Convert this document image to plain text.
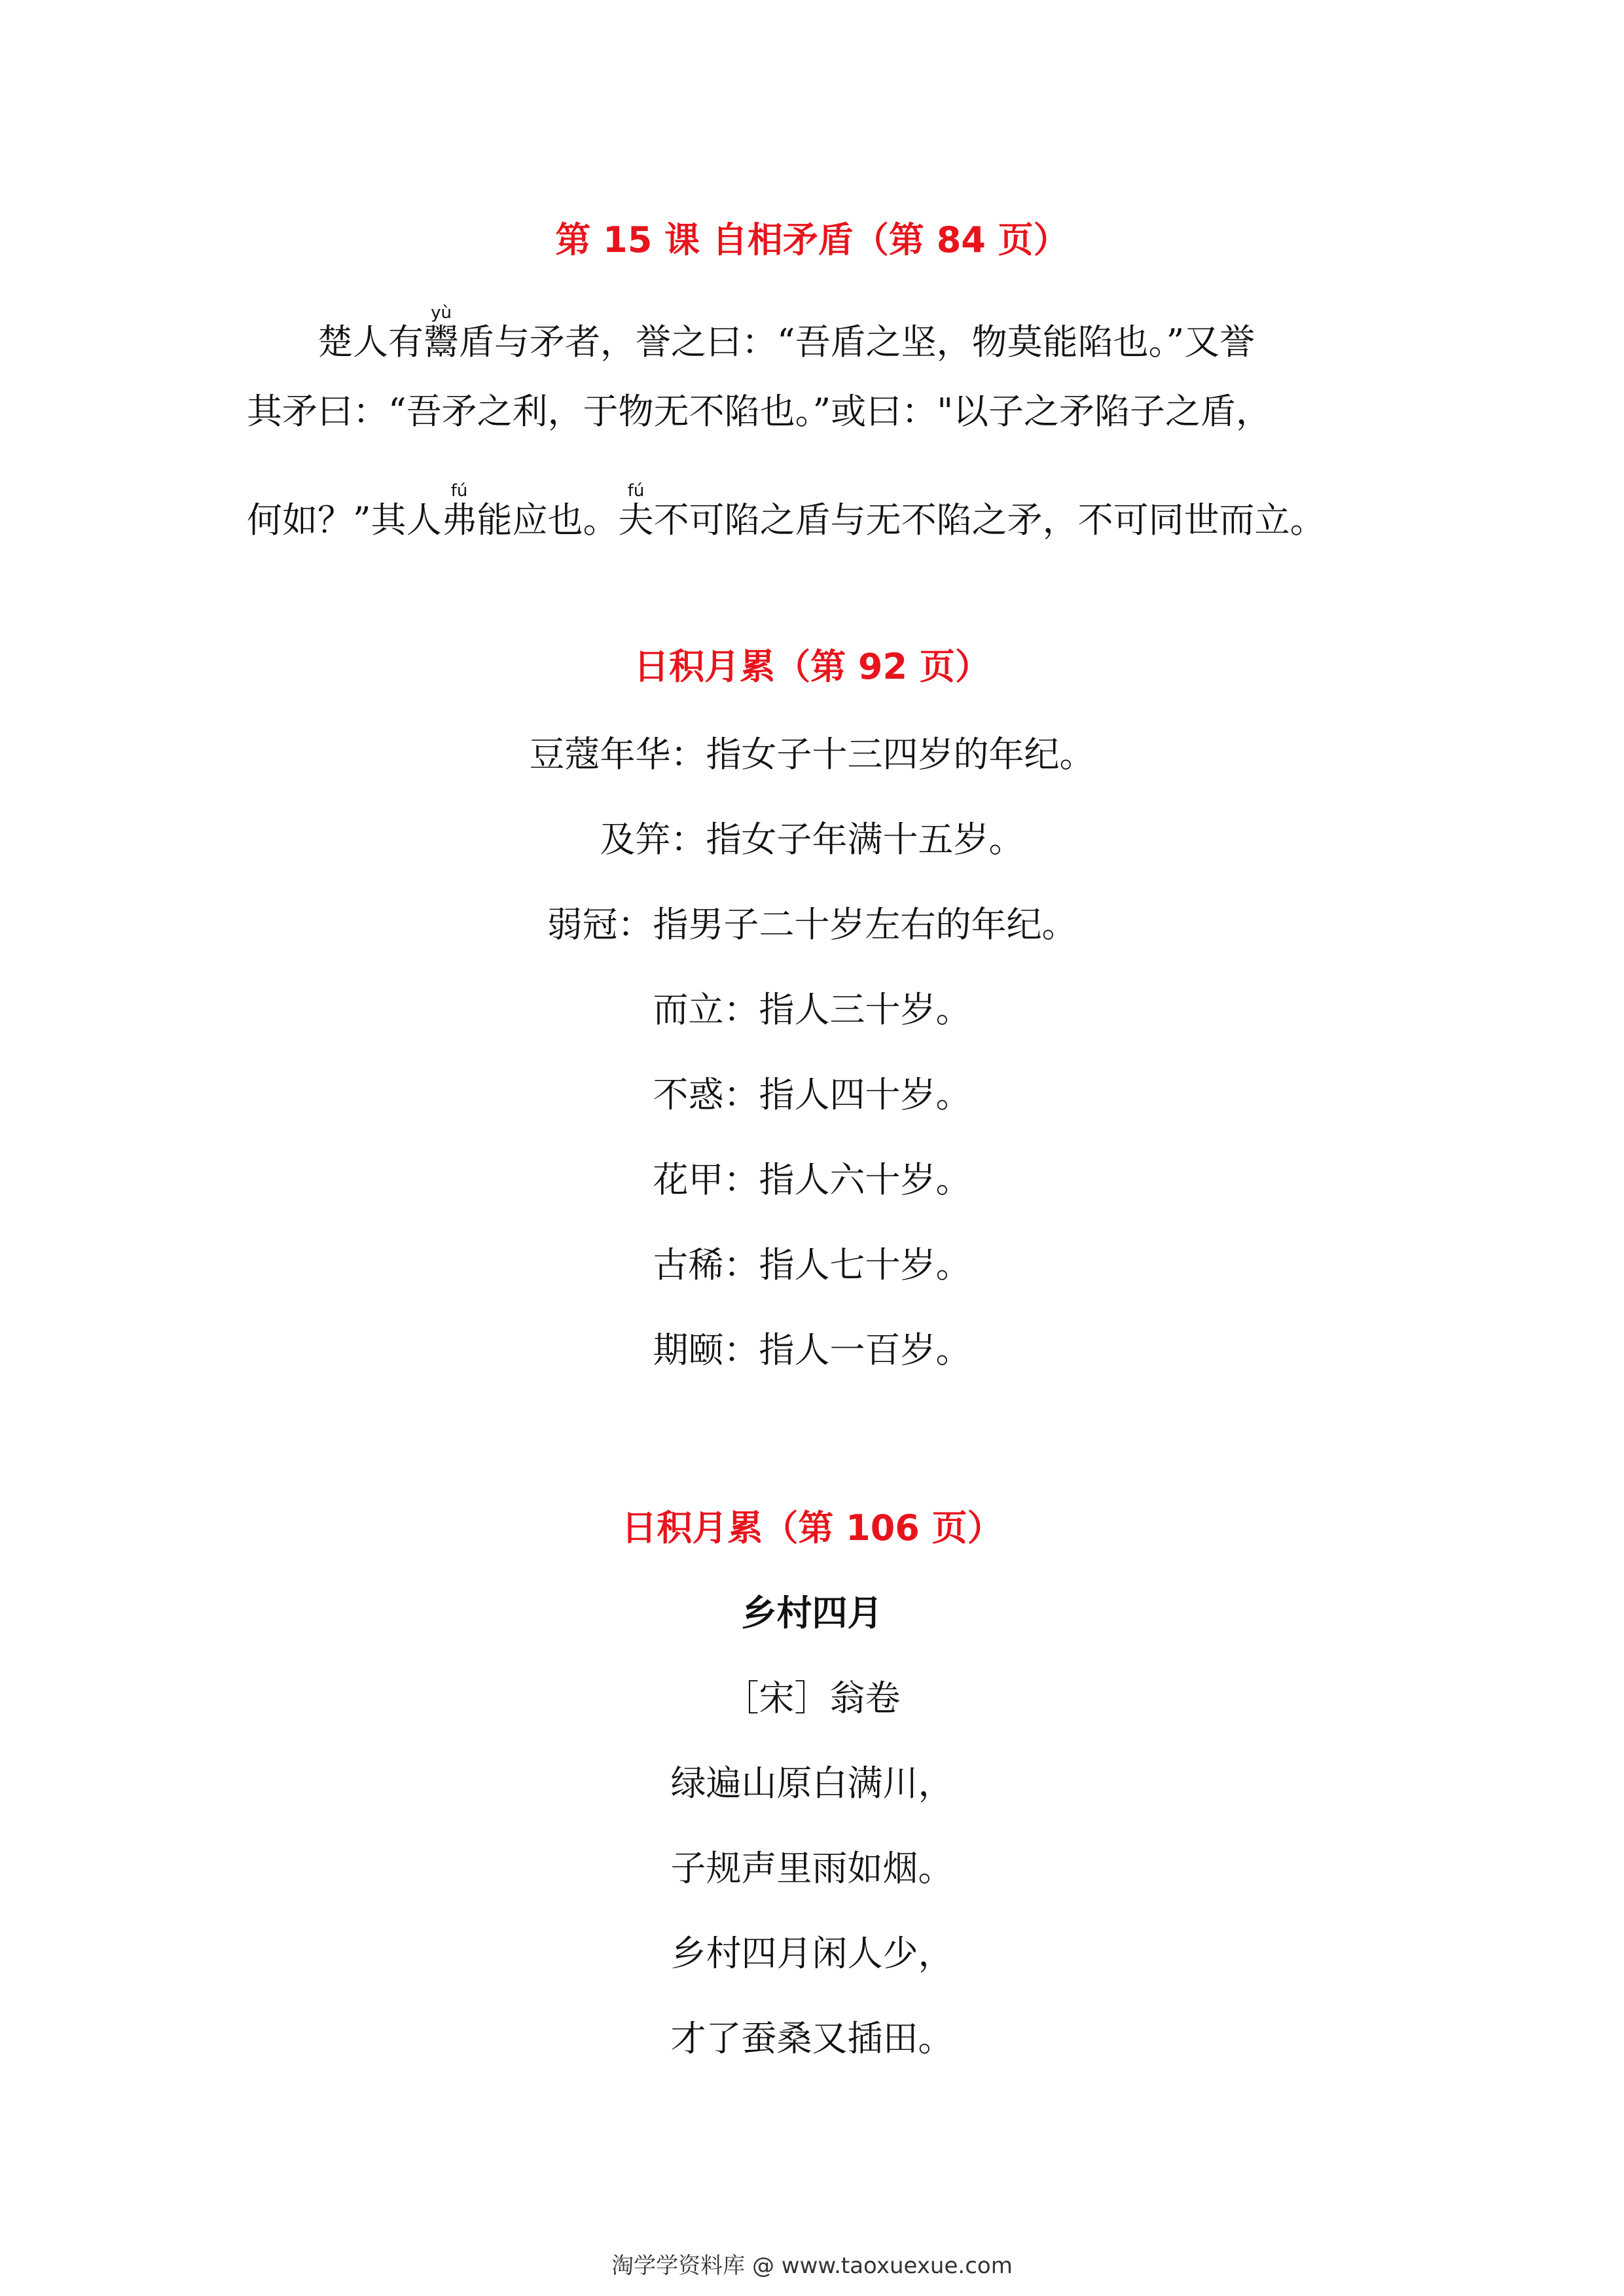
第 15 课 自相矛盾（第 84 页）
楚人有鬻yù盾与矛者，誉之曰：“吾盾之坚，物莫能陷也。”又誉
其矛曰：“吾矛之利，于物无不陷也。”或曰："以子之矛陷子之盾，
何如？”其人弗fú能应也。夫fú不可陷之盾与无不陷之矛，不可同世而立。
日积月累（第 92 页）
豆蔻年华：指女子十三四岁的年纪。
及笄：指女子年满十五岁。
弱冠：指男子二十岁左右的年纪。
而立：指人三十岁。
不惑：指人四十岁。
花甲：指人六十岁。
古稀：指人七十岁。
期颐：指人一百岁。
日积月累（第 106 页）
乡村四月
［宋］翁卷
绿遍山原白满川，
子规声里雨如烟。
乡村四月闲人少，
才了蚕桑又插田。
淘学学资料库 @ www.taoxuexue.com
